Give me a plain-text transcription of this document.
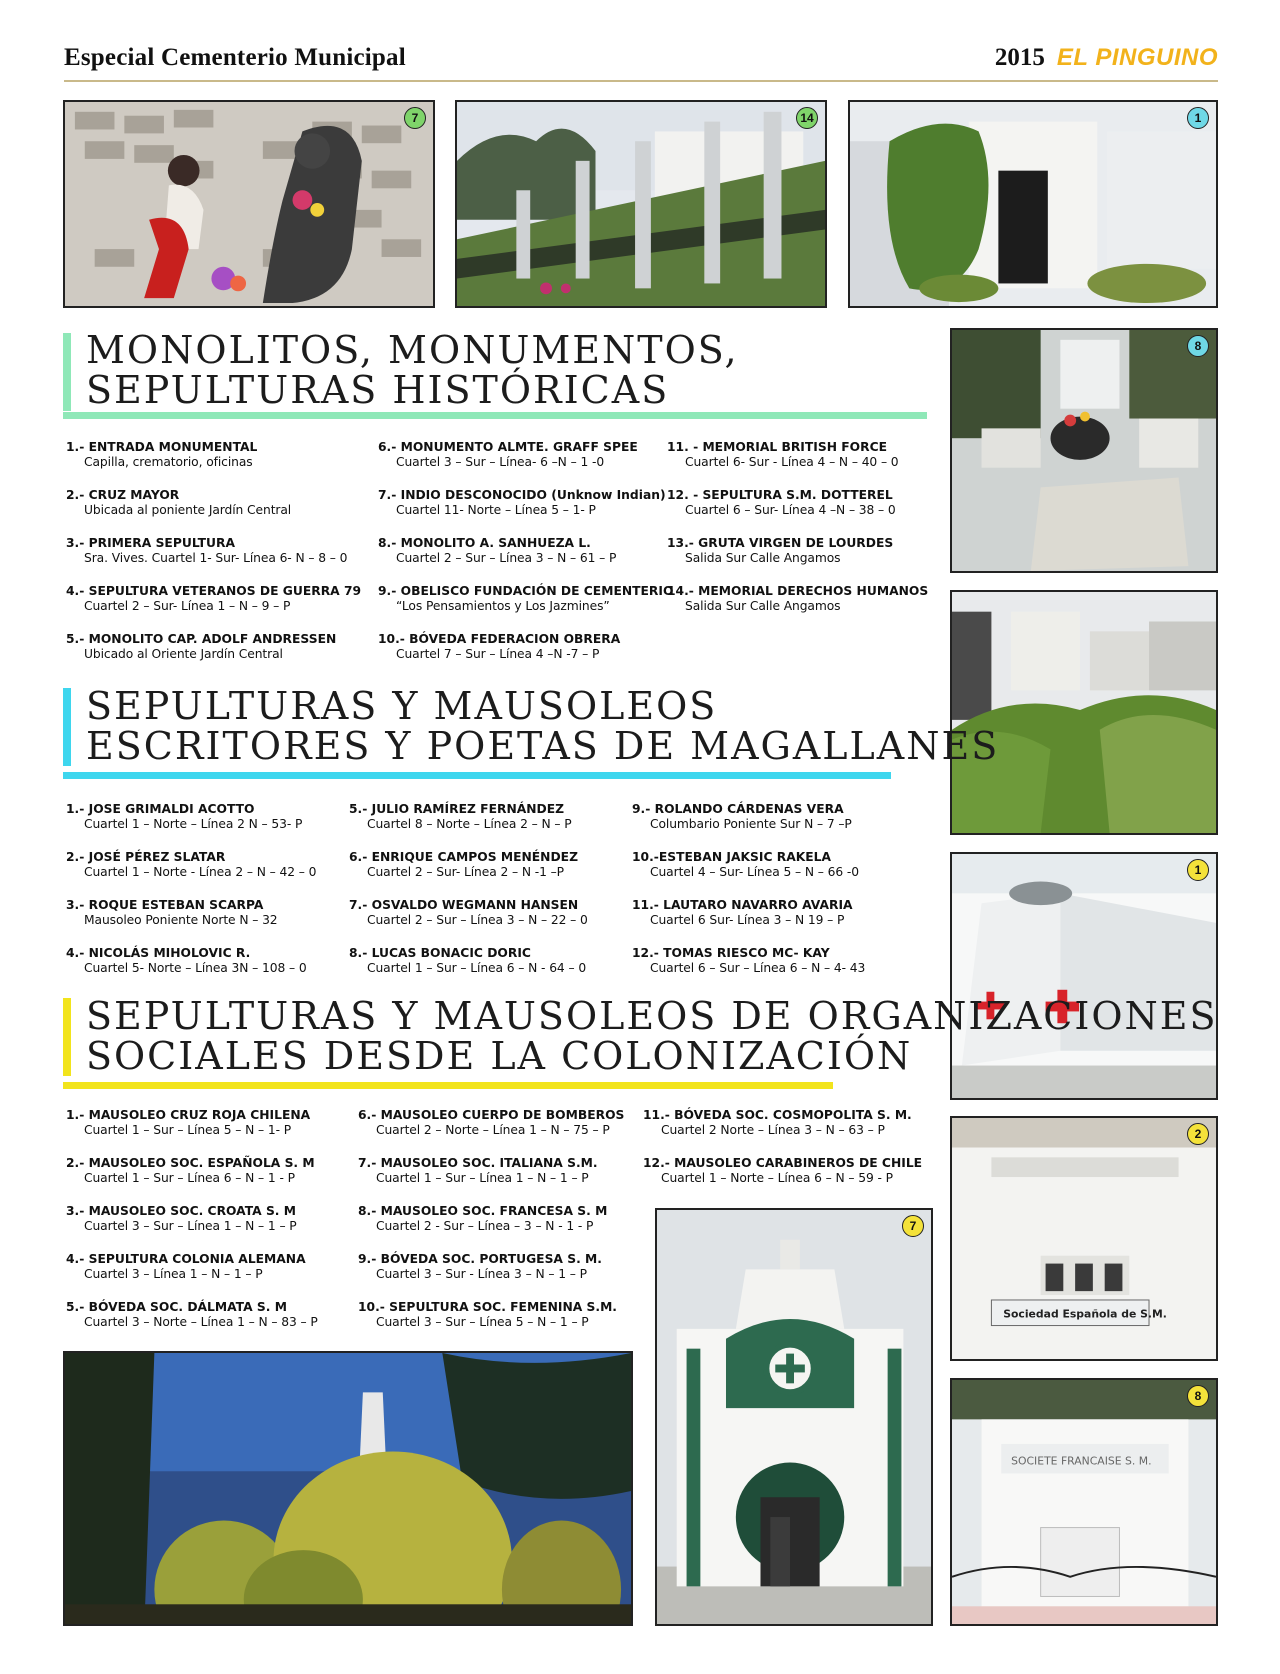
Especial Cementerio Municipal	2015 EL PINGUINO
7	14	1
8
1
Sociedad Española de S.M.
2
SOCIETE FRANCAISE S. M.
8
7
MONOLITOS, MONUMENTOS,
SEPULTURAS HISTÓRICAS
1.- ENTRADA MONUMENTAL
Capilla, crematorio, oficinas
2.- CRUZ MAYOR
Ubicada al poniente Jardín Central
3.- PRIMERA SEPULTURA
Sra. Vives. Cuartel 1- Sur- Línea 6- N – 8 – 0
4.- SEPULTURA VETERANOS DE GUERRA 79
Cuartel 2 – Sur- Línea 1 – N – 9 – P
5.- MONOLITO CAP. ADOLF ANDRESSEN
Ubicado al Oriente Jardín Central
6.- MONUMENTO ALMTE. GRAFF SPEE
Cuartel 3 – Sur – Línea- 6 –N – 1 -0
7.- INDIO DESCONOCIDO (Unknow Indian)
Cuartel 11- Norte – Línea 5 – 1- P
8.- MONOLITO A. SANHUEZA L.
Cuartel 2 – Sur – Línea 3 – N – 61 – P
9.- OBELISCO FUNDACIÓN DE CEMENTERIO
“Los Pensamientos y Los Jazmines”
10.- BÓVEDA FEDERACION OBRERA
Cuartel 7 – Sur – Línea 4 –N -7 – P
11. - MEMORIAL BRITISH FORCE
Cuartel 6- Sur - Línea 4 – N – 40 – 0
12. - SEPULTURA S.M. DOTTEREL
Cuartel 6 – Sur- Línea 4 –N – 38 – 0
13.- GRUTA VIRGEN DE LOURDES
Salida Sur Calle Angamos
14.- MEMORIAL DERECHOS HUMANOS
Salida Sur Calle Angamos
SEPULTURAS Y MAUSOLEOS
ESCRITORES Y POETAS DE MAGALLANES
1.- JOSE GRIMALDI ACOTTO
Cuartel 1 – Norte – Línea 2 N – 53- P
2.- JOSÉ PÉREZ SLATAR
Cuartel 1 – Norte - Línea 2 – N – 42 – 0
3.- ROQUE ESTEBAN SCARPA
Mausoleo Poniente Norte N – 32
4.- NICOLÁS MIHOLOVIC R.
Cuartel 5- Norte – Línea 3N – 108 – 0
5.- JULIO RAMÍREZ FERNÁNDEZ
Cuartel 8 – Norte – Línea 2 – N – P
6.- ENRIQUE CAMPOS MENÉNDEZ
Cuartel 2 – Sur- Línea 2 – N -1 –P
7.- OSVALDO WEGMANN HANSEN
Cuartel 2 – Sur – Línea 3 – N – 22 – 0
8.- LUCAS BONACIC DORIC
Cuartel 1 – Sur – Línea 6 – N - 64 – 0
9.- ROLANDO CÁRDENAS VERA
Columbario Poniente Sur N – 7 –P
10.-ESTEBAN JAKSIC RAKELA
Cuartel 4 – Sur- Línea 5 – N – 66 -0
11.- LAUTARO NAVARRO AVARIA
Cuartel 6 Sur- Línea 3 – N 19 – P
12.- TOMAS RIESCO MC- KAY
Cuartel 6 – Sur – Línea 6 – N – 4- 43
SEPULTURAS Y MAUSOLEOS DE ORGANIZACIONES
SOCIALES DESDE LA COLONIZACIÓN
1.- MAUSOLEO CRUZ ROJA CHILENA
Cuartel 1 – Sur – Línea 5 – N – 1- P
2.- MAUSOLEO SOC. ESPAÑOLA S. M
Cuartel 1 – Sur – Línea 6 – N – 1 - P
3.- MAUSOLEO SOC. CROATA S. M
Cuartel 3 – Sur – Línea 1 – N – 1 – P
4.- SEPULTURA COLONIA ALEMANA
Cuartel 3 – Línea 1 – N – 1 – P
5.- BÓVEDA SOC. DÁLMATA S. M
Cuartel 3 – Norte – Línea 1 – N – 83 – P
6.- MAUSOLEO CUERPO DE BOMBEROS
Cuartel 2 – Norte – Línea 1 – N – 75 – P
7.- MAUSOLEO SOC. ITALIANA S.M.
Cuartel 1 – Sur – Línea 1 – N – 1 – P
8.- MAUSOLEO SOC. FRANCESA S. M
Cuartel 2 - Sur – Línea – 3 – N - 1 - P
9.- BÓVEDA SOC. PORTUGESA S. M.
Cuartel 3 – Sur - Línea 3 – N – 1 – P
10.- SEPULTURA SOC. FEMENINA S.M.
Cuartel 3 – Sur – Línea 5 – N – 1 – P
11.- BÓVEDA SOC. COSMOPOLITA S. M.
Cuartel 2 Norte – Línea 3 – N – 63 – P
12.- MAUSOLEO CARABINEROS DE CHILE
Cuartel 1 – Norte – Línea 6 – N – 59 - P
